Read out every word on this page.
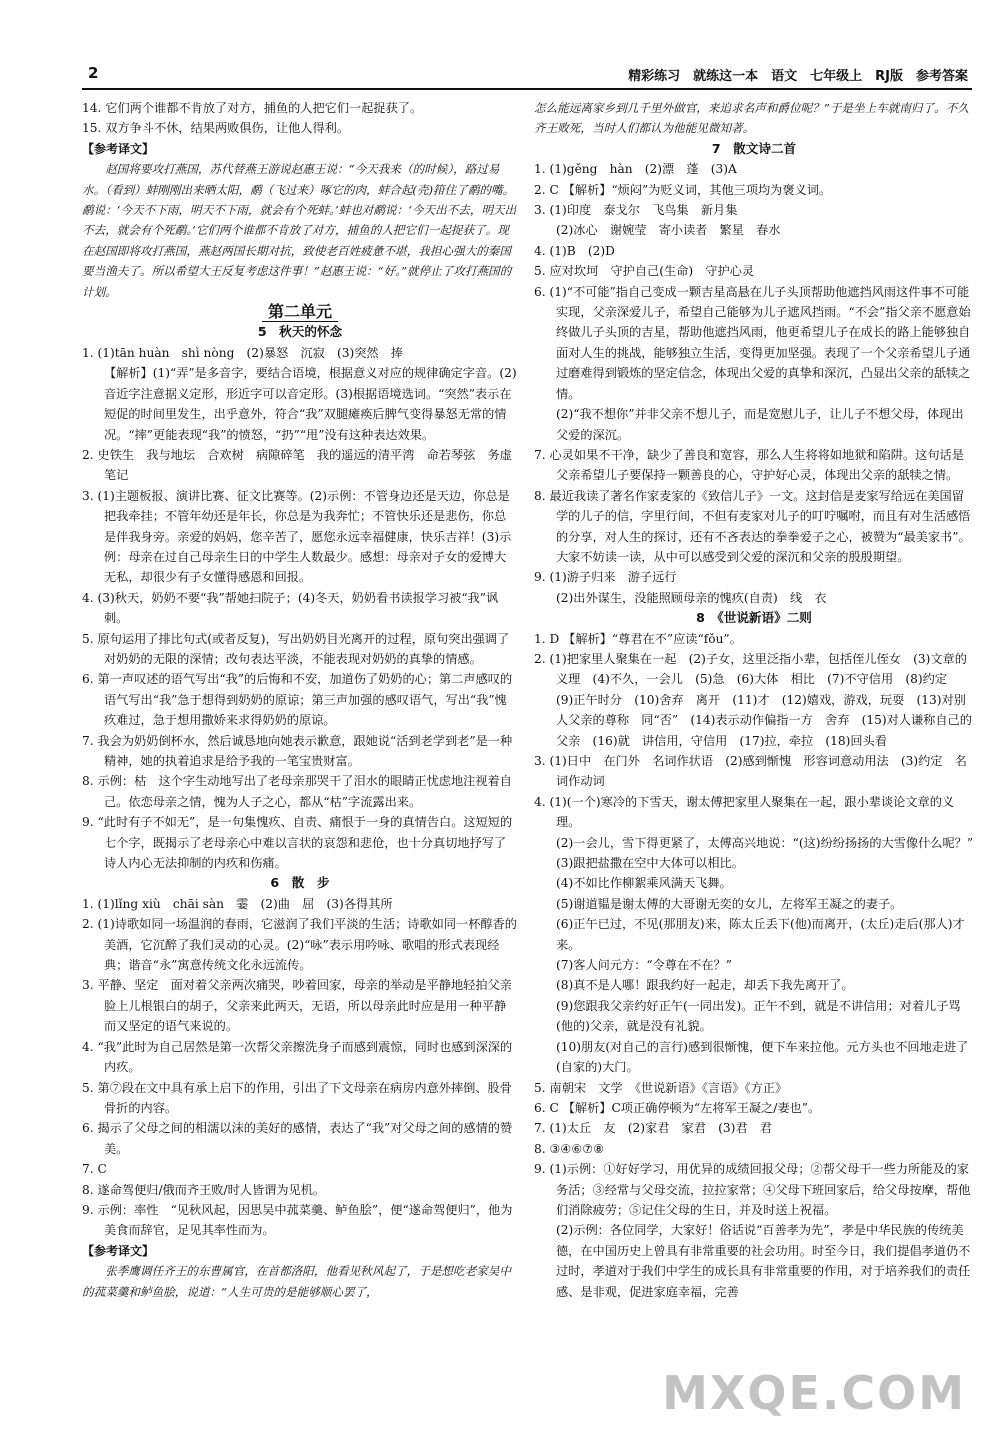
2	精彩练习　就练这一本　语文　七年级上　RJ版　参考答案
14. 它们两个谁都不肯放了对方，捕鱼的人把它们一起捉获了。
15. 双方争斗不休，结果两败俱伤，让他人得利。
【参考译文】
　　赵国将要攻打燕国，苏代替燕王游说赵惠王说：“今天我来（的时候），路过易水。（看到）蚌刚刚出来晒太阳，鹬（飞过来）啄它的肉，蚌合起(壳)箝住了鹬的嘴。鹬说：‘今天不下雨，明天不下雨，就会有个死蚌。’蚌也对鹬说：‘今天出不去，明天出不去，就会有个死鹬。’它们两个谁都不肯放了对方，捕鱼的人把它们一起捉获了。现在赵国即将攻打燕国，燕赵两国长期对抗，致使老百姓疲惫不堪，我担心强大的秦国要当渔夫了。所以希望大王反复考虑这件事！”赵惠王说：“好。”就停止了攻打燕国的计划。
第二单元
5　秋天的怀念
1. (1)tān huàn　shì nòng　(2)暴怒　沉寂　(3)突然　捧
【解析】(1)“弄”是多音字，要结合语境，根据意义对应的规律确定字音。(2)音近字注意据义定形，形近字可以音定形。(3)根据语境选词。“突然”表示在短促的时间里发生，出乎意外，符合“我”双腿瘫痪后脾气变得暴怒无常的情况。“摔”更能表现“我”的愤怒，“扔”“甩”没有这种表达效果。
2. 史铁生　我与地坛　合欢树　病隙碎笔　我的遥远的清平湾　命若琴弦　务虚笔记
3. (1)主题板报、演讲比赛、征文比赛等。(2)示例：不管身边还是天边，你总是把我牵挂；不管年幼还是年长，你总是为我奔忙；不管快乐还是悲伤，你总是伴我身旁。亲爱的妈妈，您辛苦了，愿您永远幸福健康，快乐吉祥！(3)示例：母亲在过自己母亲生日的中学生人数最少。感想：母亲对子女的爱博大无私，却很少有子女懂得感恩和回报。
4. (3)秋天，奶奶不要“我”帮她扫院子；(4)冬天，奶奶看书读报学习被“我”讽刺。
5. 原句运用了排比句式(或者反复)，写出奶奶目光离开的过程，原句突出强调了对奶奶的无限的深情；改句表达平淡，不能表现对奶奶的真挚的情感。
6. 第一声叹述的语气写出“我”的后悔和不安，加道伤了奶奶的心；第二声感叹的语气写出“我”急于想得到奶奶的原谅；第三声加强的感叹语气，写出“我”愧疚难过，急于想用撒娇来求得奶奶的原谅。
7. 我会为奶奶倒杯水，然后诚恳地向她表示歉意，跟她说“活到老学到老”是一种精神，她的执着追求是给予我的一笔宝贵财富。
8. 示例：枯　这个字生动地写出了老母亲那哭干了泪水的眼睛正忧虑地注视着自己。依恋母亲之情，愧为人子之心，都从“枯”字流露出来。
9. “此时有子不如无”，是一句集愧疚、自责、痛恨于一身的真情告白。这短短的七个字，既揭示了老母亲心中难以言状的哀怨和悲伧，也十分真切地抒写了诗人内心无法抑制的内疚和伤痛。
6　散　步
1. (1)lǐng xiù　chāi sàn　霎　(2)曲　屈　(3)各得其所
2. (1)诗歌如同一场温润的春雨，它滋润了我们平淡的生活；诗歌如同一杯醇香的美酒，它沉醉了我们灵动的心灵。(2)“咏”表示用吟咏、歌唱的形式表现经典；谐音“永”寓意传统文化永远流传。
3. 平静、坚定　面对着父亲两次痛哭，吵着回家，母亲的举动是平静地轻拍父亲脸上儿根银白的胡子，父亲来此两天，无语，所以母亲此时应是用一种平静而又坚定的语气来说的。
4. “我”此时为自己居然是第一次帮父亲擦洗身子而感到震惊，同时也感到深深的内疚。
5. 第⑦段在文中具有承上启下的作用，引出了下文母亲在病房内意外摔倒、股骨骨折的内容。
6. 揭示了父母之间的相濡以沫的美好的感情，表达了“我”对父母之间的感情的赞美。
7. C
8. 遂命驾便归/俄而齐王败/时人皆谓为见机。
9. 示例：率性　“见秋风起，因思吴中菰菜羹、鲈鱼脍”，便“遂命驾便归”，他为美食而辞官，足见其率性而为。
【参考译文】
　　张季鹰调任齐王的东曹属官，在首都洛阳，他看见秋风起了，于是想吃老家吴中的菰菜羹和鲈鱼脍，说道：“人生可贵的是能够顺心罢了，
怎么能远离家乡到几千里外做官，来追求名声和爵位呢？”于是坐上车就南归了。不久齐王败死，当时人们都认为他能见微知著。
7　散文诗二首
1. (1)gěng　hàn　(2)漂　蓬　(3)A
2. C 【解析】“烦闷”为贬义词，其他三项均为褒义词。
3. (1)印度　泰戈尔　飞鸟集　新月集
(2)冰心　谢婉莹　寄小读者　繁星　春水
4. (1)B　(2)D
5. 应对坎坷　守护自己(生命)　守护心灵
6. (1)“不可能”指自己变成一颗吉星高悬在儿子头顶帮助他遮挡风雨这件事不可能实现，父亲深爱儿子，希望自己能够为儿子遮风挡雨。“不会”指父亲不愿意始终做儿子头顶的吉星，帮助他遮挡风雨，他更希望儿子在成长的路上能够独自面对人生的挑战，能够独立生活，变得更加坚强。表现了一个父亲希望儿子通过磨难得到锻炼的坚定信念，体现出父爱的真挚和深沉，凸显出父亲的舐犊之情。
(2)“我不想你”并非父亲不想儿子，而是宽慰儿子，让儿子不想父母，体现出父爱的深沉。
7. 心灵如果不干净，缺少了善良和宽容，那么人生将将如地狱和陷阱。这句话是父亲希望儿子要保持一颗善良的心，守护好心灵，体现出父亲的舐犊之情。
8. 最近我读了著名作家麦家的《致信儿子》一文。这封信是麦家写给远在美国留学的儿子的信，字里行间，不但有麦家对儿子的叮咛嘱咐，而且有对生活感悟的分享，对人生的探讨，还有不吝表达的拳拳爱子之心，被赞为“最美家书”。大家不妨读一读，从中可以感受到父爱的深沉和父亲的殷殷期望。
9. (1)游子归来　游子远行
(2)出外谋生，没能照顾母亲的愧疚(自责)　线　衣
8　《世说新语》二则
1. D 【解析】“尊君在不”应读“fǒu”。
2. (1)把家里人聚集在一起　(2)子女，这里泛指小辈，包括侄儿侄女　(3)文章的义理　(4)不久，一会儿　(5)急　(6)大体　相比　(7)不守信用　(8)约定　(9)正午时分　(10)舍弃　离开　(11)才　(12)嬉戏，游戏，玩耍　(13)对别人父亲的尊称　同“否”　(14)表示动作偏指一方　舍弃　(15)对人谦称自己的父亲　(16)就　讲信用，守信用　(17)拉，牵拉　(18)回头看
3. (1)日中　在门外　名词作状语　(2)感到惭愧　形容词意动用法　(3)约定　名词作动词
4. (1)(一个)寒冷的下雪天，谢太傅把家里人聚集在一起，跟小辈谈论文章的义理。
(2)一会儿，雪下得更紧了，太傅高兴地说：“(这)纷纷扬扬的大雪像什么呢？”
(3)跟把盐撒在空中大体可以相比。
(4)不如比作柳絮乘风满天飞舞。
(5)谢道韫是谢太傅的大哥谢无奕的女儿，左将军王凝之的妻子。
(6)正午已过，不见(那朋友)来，陈太丘丢下(他)而离开，(太丘)走后(那人)才来。
(7)客人问元方：“令尊在不在？”
(8)真不是人哪！跟我约好一起走，却丢下我先离开了。
(9)您跟我父亲约好正午(一同出发)。正午不到，就是不讲信用；对着儿子骂(他的)父亲，就是没有礼貌。
(10)朋友(对自己的言行)感到很惭愧，便下车来拉他。元方头也不回地走进了(自家的)大门。
5. 南朝宋　文学　《世说新语》《言语》《方正》
6. C 【解析】C项正确停顿为“左将军王凝之/妻也”。
7. (1)太丘　友　(2)家君　家君　(3)君　君
8. ③④⑥⑦⑧
9. (1)示例：①好好学习，用优异的成绩回报父母；②帮父母干一些力所能及的家务活；③经常与父母交流，拉拉家常；④父母下班回家后，给父母按摩，帮他们消除疲劳；⑤记住父母的生日，并及时送上祝福。
(2)示例：各位同学，大家好！俗话说“百善孝为先”，孝是中华民族的传统美德，在中国历史上曾具有非常重要的社会功用。时至今日，我们提倡孝道仍不过时，孝道对于我们中学生的成长具有非常重要的作用，对于培养我们的责任感、是非观，促进家庭幸福，完善
MXQE.COM
